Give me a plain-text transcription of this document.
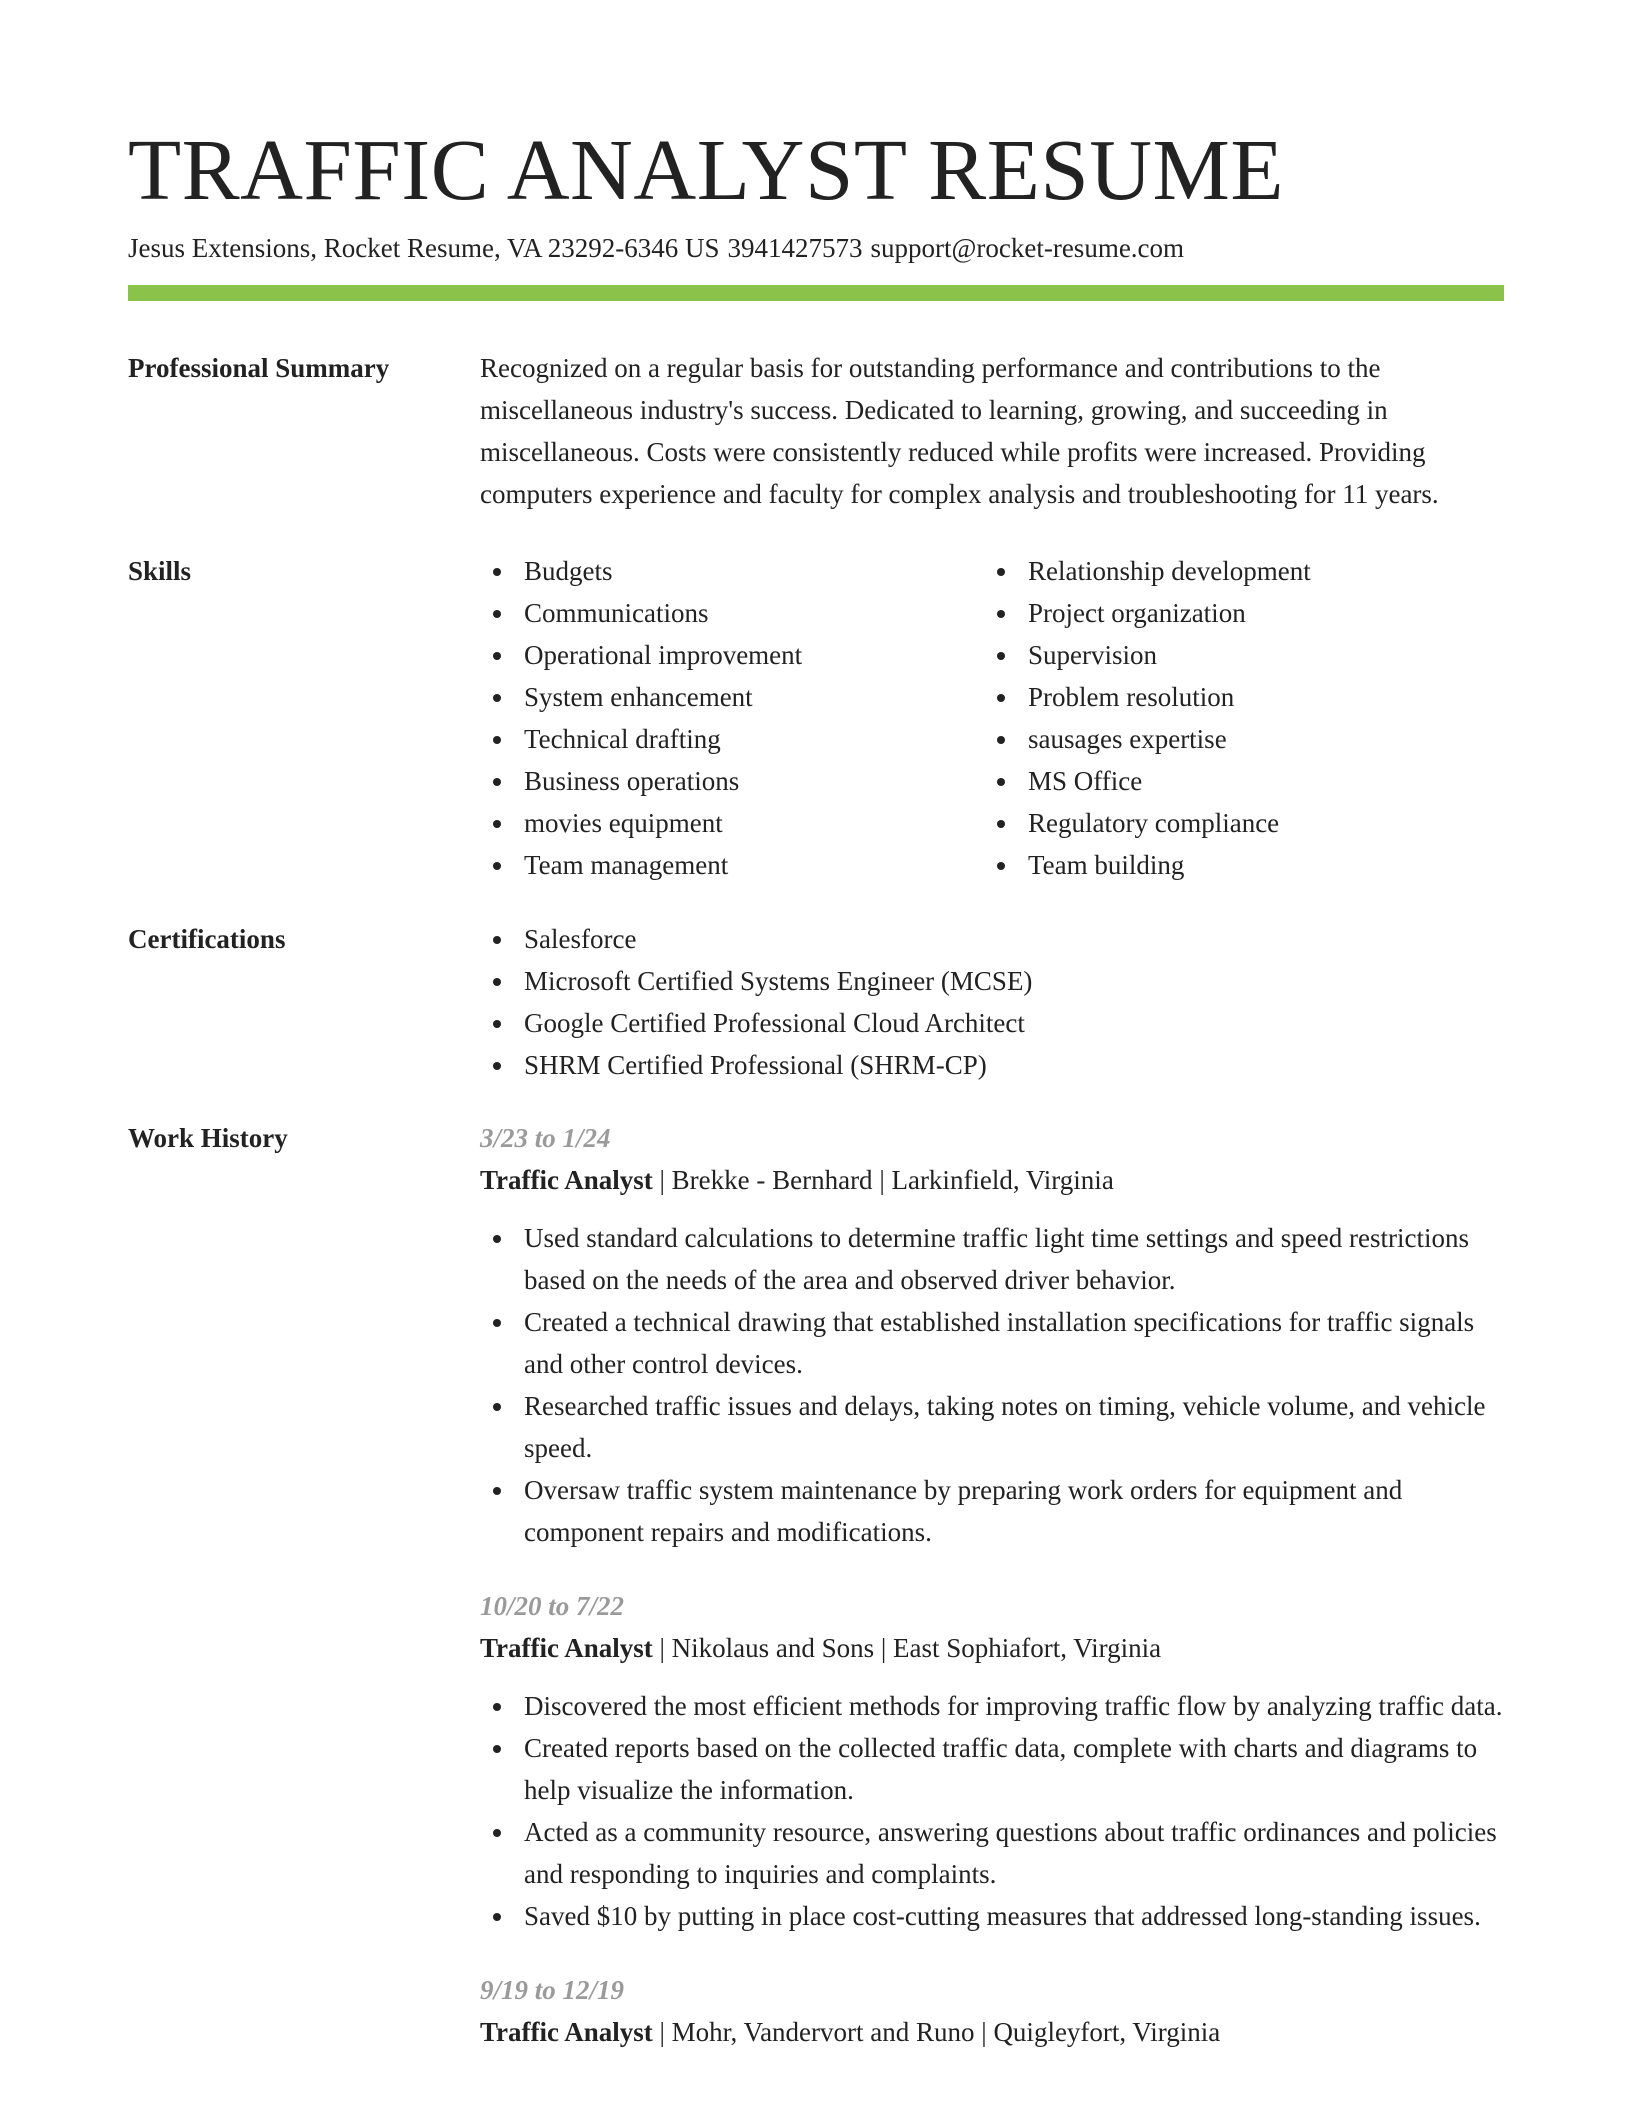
TRAFFIC ANALYST RESUME
Jesus Extensions, Rocket Resume, VA 23292-6346 US 3941427573 support@rocket-resume.com
Professional Summary	Recognized on a regular basis for outstanding performance and contributions to the miscellaneous industry's success. Dedicated to learning, growing, and succeeding in miscellaneous. Costs were consistently reduced while profits were increased. Providing computers experience and faculty for complex analysis and troubleshooting for 11 years.

Skills	Budgets
Communications
Operational improvement
System enhancement
Technical drafting
Business operations
movies equipment
Team management
Relationship development
Project organization
Supervision
Problem resolution
sausages expertise
MS Office
Regulatory compliance
Team building
Certifications	Salesforce
Microsoft Certified Systems Engineer (MCSE)
Google Certified Professional Cloud Architect
SHRM Certified Professional (SHRM-CP)
Work History	3/23 to 1/24
Traffic Analyst | Brekke - Bernhard | Larkinfield, Virginia
Used standard calculations to determine traffic light time settings and speed restrictions based on the needs of the area and observed driver behavior.
Created a technical drawing that established installation specifications for traffic signals and other control devices.
Researched traffic issues and delays, taking notes on timing, vehicle volume, and vehicle speed.
Oversaw traffic system maintenance by preparing work orders for equipment and component repairs and modifications.
10/20 to 7/22
Traffic Analyst | Nikolaus and Sons | East Sophiafort, Virginia
Discovered the most efficient methods for improving traffic flow by analyzing traffic data.
Created reports based on the collected traffic data, complete with charts and diagrams to help visualize the information.
Acted as a community resource, answering questions about traffic ordinances and policies and responding to inquiries and complaints.
Saved $10 by putting in place cost-cutting measures that addressed long-standing issues.
9/19 to 12/19
Traffic Analyst | Mohr, Vandervort and Runo | Quigleyfort, Virginia
